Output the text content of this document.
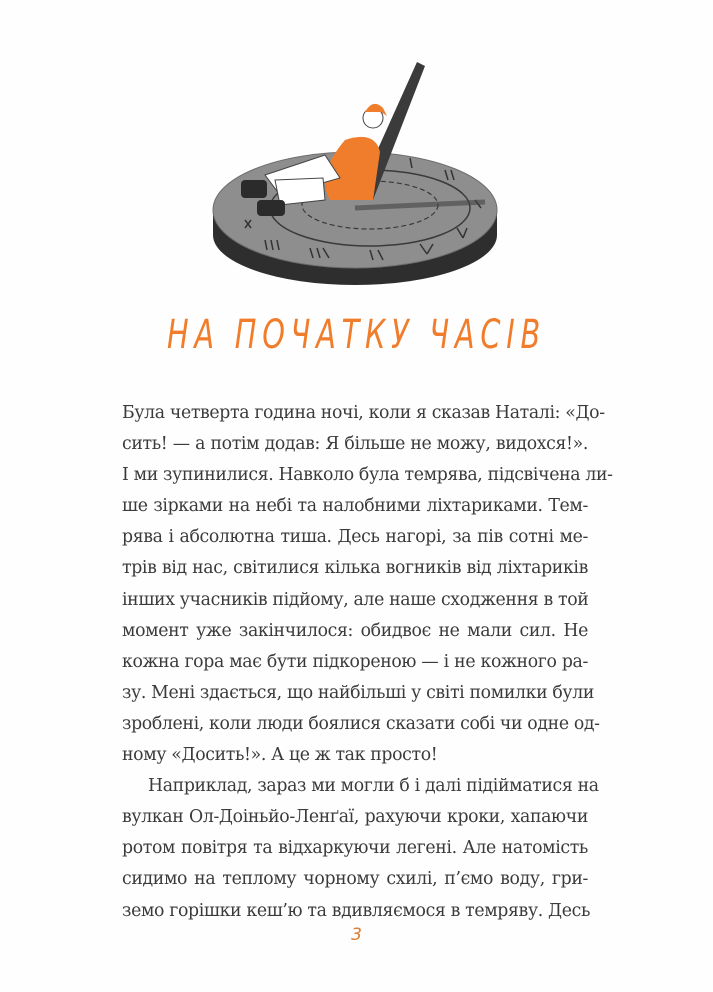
НА ПОЧАТКУ ЧАСІВ
Була четверта година ночі, коли я сказав Наталі: «До-
сить! — а потім додав: Я більше не можу, видохся!».
І ми зупинилися. Навколо була темрява, підсвічена ли-
ше зірками на небі та налобними ліхтариками. Тем-
рява і абсолютна тиша. Десь нагорі, за пів сотні ме-
трів від нас, світилися кілька вогників від ліхтариків
інших учасників підйому, але наше сходження в той
момент уже закінчилося: обидвоє не мали сил. Не
кожна гора має бути підкореною — і не кожного ра-
зу. Мені здається, що найбільші у світі помилки були
зроблені, коли люди боялися сказати собі чи одне од-
ному «Досить!». А це ж так просто!
Наприклад, зараз ми могли б і далі підійматися на
вулкан Ол-Доіньйо-Ленґаї, рахуючи кроки, хапаючи
ротом повітря та відхаркуючи легені. Але натомість
сидимо на теплому чорному схилі, п’ємо воду, гри-
земо горішки кеш’ю та вдивляємося в темряву. Десь
3
